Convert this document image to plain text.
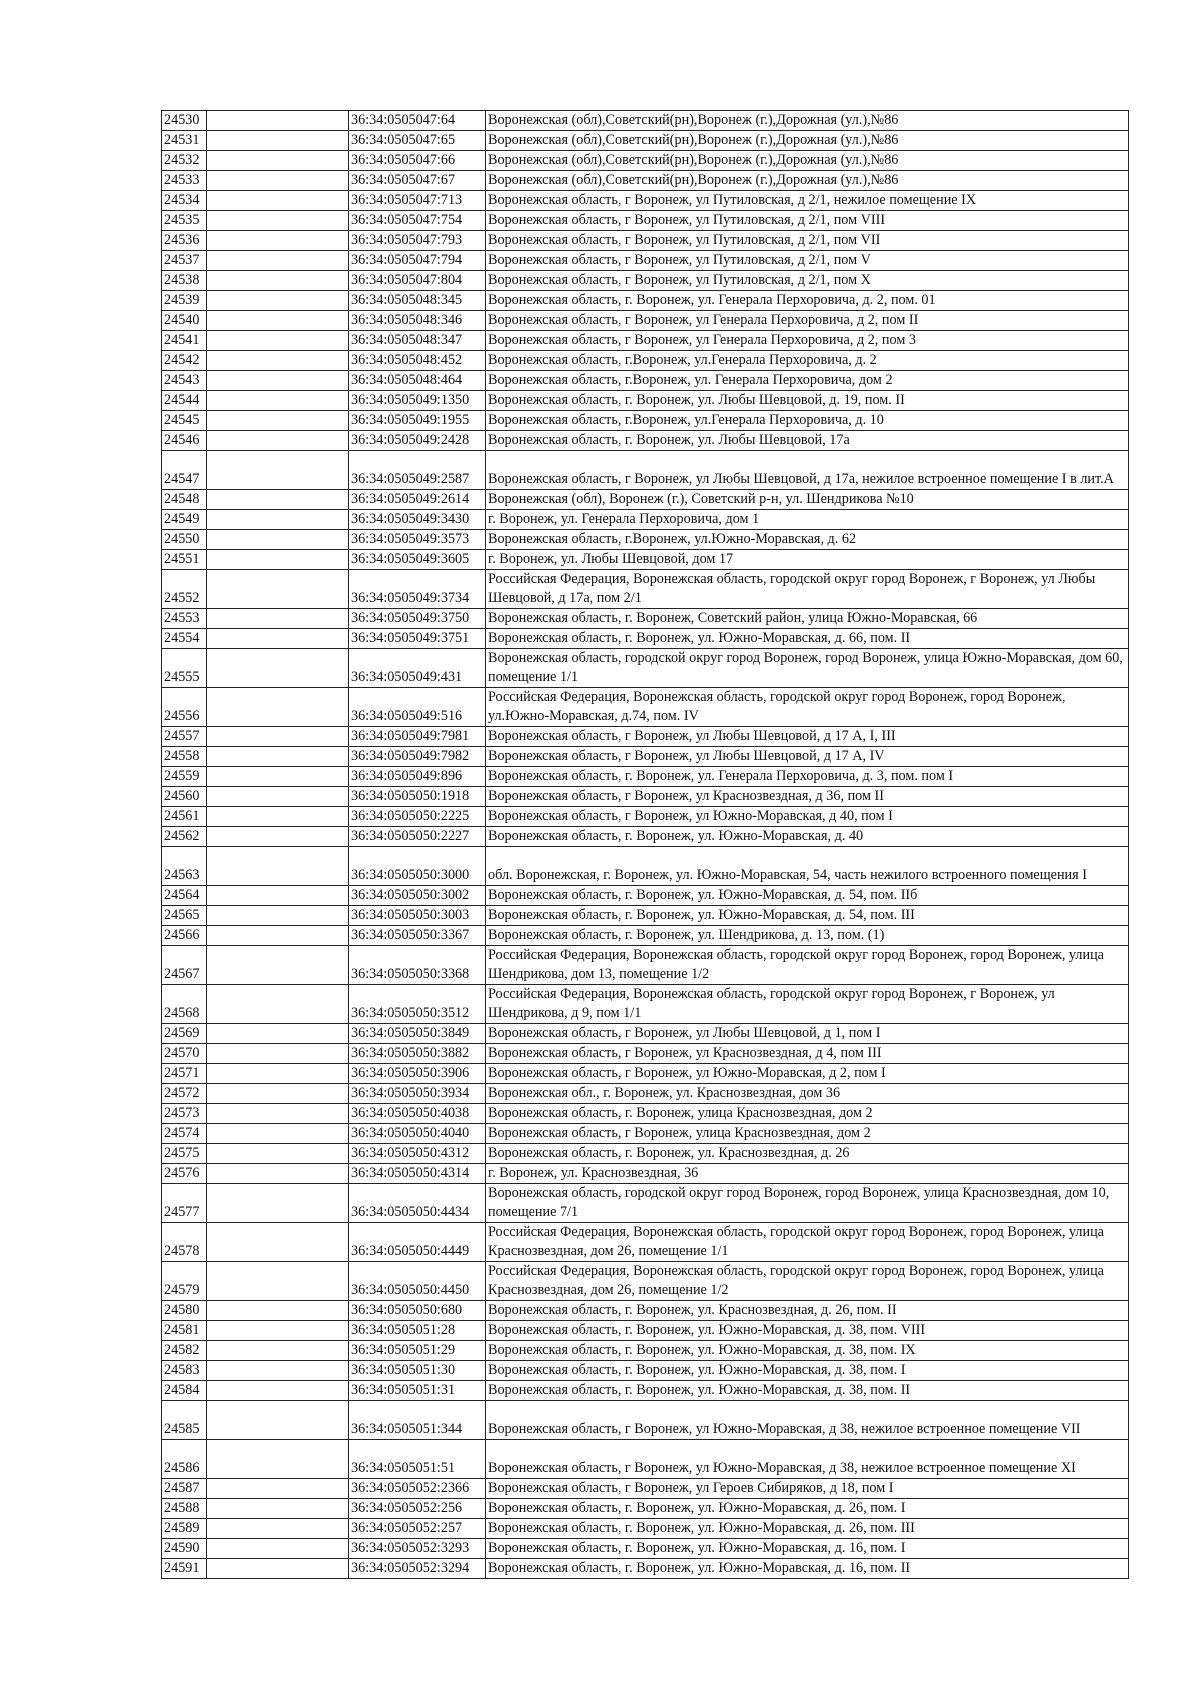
24530		36:34:0505047:64	Воронежская (обл),Советский(рн),Воронеж (г.),Дорожная (ул.),№86
24531		36:34:0505047:65	Воронежская (обл),Советский(рн),Воронеж (г.),Дорожная (ул.),№86
24532		36:34:0505047:66	Воронежская (обл),Советский(рн),Воронеж (г.),Дорожная (ул.),№86
24533		36:34:0505047:67	Воронежская (обл),Советский(рн),Воронеж (г.),Дорожная (ул.),№86
24534		36:34:0505047:713	Воронежская область, г Воронеж, ул Путиловская, д 2/1, нежилое помещение IX
24535		36:34:0505047:754	Воронежская область, г Воронеж, ул Путиловская, д 2/1, пом VIII
24536		36:34:0505047:793	Воронежская область, г Воронеж, ул Путиловская, д 2/1, пом VII
24537		36:34:0505047:794	Воронежская область, г Воронеж, ул Путиловская, д 2/1, пом V
24538		36:34:0505047:804	Воронежская область, г Воронеж, ул Путиловская, д 2/1, пом X
24539		36:34:0505048:345	Воронежская область, г. Воронеж, ул. Генерала Перхоровича, д. 2, пом. 01
24540		36:34:0505048:346	Воронежская область, г Воронеж, ул Генерала Перхоровича, д 2, пом II
24541		36:34:0505048:347	Воронежская область, г Воронеж, ул Генерала Перхоровича, д 2, пом 3
24542		36:34:0505048:452	Воронежская область, г.Воронеж, ул.Генерала Перхоровича, д. 2
24543		36:34:0505048:464	Воронежская область, г.Воронеж, ул. Генерала Перхоровича, дом 2
24544		36:34:0505049:1350	Воронежская область, г. Воронеж, ул. Любы Шевцовой, д. 19, пом. II
24545		36:34:0505049:1955	Воронежская область, г.Воронеж, ул.Генерала Перхоровича, д. 10
24546		36:34:0505049:2428	Воронежская область, г. Воронеж, ул. Любы Шевцовой, 17а
24547		36:34:0505049:2587	Воронежская область, г Воронеж, ул Любы Шевцовой, д 17а, нежилое встроенное помещение I в лит.А
24548		36:34:0505049:2614	Воронежская (обл), Воронеж (г.), Советский р-н, ул. Шендрикова №10
24549		36:34:0505049:3430	г. Воронеж, ул. Генерала Перхоровича, дом 1
24550		36:34:0505049:3573	Воронежская область, г.Воронеж, ул.Южно-Моравская, д. 62
24551		36:34:0505049:3605	г. Воронеж, ул. Любы Шевцовой, дом 17
24552		36:34:0505049:3734	Российская Федерация, Воронежская область, городской округ город Воронеж, г Воронеж, ул Любы Шевцовой, д 17а, пом 2/1
24553		36:34:0505049:3750	Воронежская область, г. Воронеж, Советский район, улица Южно-Моравская, 66
24554		36:34:0505049:3751	Воронежская область, г. Воронеж, ул. Южно-Моравская, д. 66, пом. II
24555		36:34:0505049:431	Воронежская область, городской округ город Воронеж, город Воронеж, улица Южно-Моравская, дом 60, помещение 1/1
24556		36:34:0505049:516	Российская Федерация, Воронежская область, городской округ город Воронеж, город Воронеж, ул.Южно-Моравская, д.74, пом. IV
24557		36:34:0505049:7981	Воронежская область, г Воронеж, ул Любы Шевцовой, д 17 А, I, III
24558		36:34:0505049:7982	Воронежская область, г Воронеж, ул Любы Шевцовой, д 17 А, IV
24559		36:34:0505049:896	Воронежская область, г. Воронеж, ул. Генерала Перхоровича, д. 3, пом. пом I
24560		36:34:0505050:1918	Воронежская область, г Воронеж, ул Краснозвездная, д 36, пом II
24561		36:34:0505050:2225	Воронежская область, г Воронеж, ул Южно-Моравская, д 40, пом I
24562		36:34:0505050:2227	Воронежская область, г. Воронеж, ул. Южно-Моравская, д. 40
24563		36:34:0505050:3000	обл. Воронежская, г. Воронеж, ул. Южно-Моравская, 54, часть нежилого встроенного помещения I
24564		36:34:0505050:3002	Воронежская область, г. Воронеж, ул. Южно-Моравская, д. 54, пом. IIб
24565		36:34:0505050:3003	Воронежская область, г. Воронеж, ул. Южно-Моравская, д. 54, пом. III
24566		36:34:0505050:3367	Воронежская область, г. Воронеж, ул. Шендрикова, д. 13, пом. (1)
24567		36:34:0505050:3368	Российская Федерация, Воронежская область, городской округ город Воронеж, город Воронеж, улица Шендрикова, дом 13, помещение 1/2
24568		36:34:0505050:3512	Российская Федерация, Воронежская область, городской округ город Воронеж, г Воронеж, ул Шендрикова, д 9, пом 1/1
24569		36:34:0505050:3849	Воронежская область, г Воронеж, ул Любы Шевцовой, д 1, пом I
24570		36:34:0505050:3882	Воронежская область, г Воронеж, ул Краснозвездная, д 4, пом III
24571		36:34:0505050:3906	Воронежская область, г Воронеж, ул Южно-Моравская, д 2, пом I
24572		36:34:0505050:3934	Воронежская обл., г. Воронеж, ул. Краснозвездная, дом 36
24573		36:34:0505050:4038	Воронежская область, г. Воронеж, улица Краснозвездная, дом 2
24574		36:34:0505050:4040	Воронежская область, г Воронеж, улица Краснозвездная, дом 2
24575		36:34:0505050:4312	Воронежская область, г. Воронеж, ул. Краснозвездная, д. 26
24576		36:34:0505050:4314	г. Воронеж, ул. Краснозвездная, 36
24577		36:34:0505050:4434	Воронежская область, городской округ город Воронеж, город Воронеж, улица Краснозвездная, дом 10, помещение 7/1
24578		36:34:0505050:4449	Российская Федерация, Воронежская область, городской округ город Воронеж, город Воронеж, улица Краснозвездная, дом 26, помещение 1/1
24579		36:34:0505050:4450	Российская Федерация, Воронежская область, городской округ город Воронеж, город Воронеж, улица Краснозвездная, дом 26, помещение 1/2
24580		36:34:0505050:680	Воронежская область, г. Воронеж, ул. Краснозвездная, д. 26, пом. II
24581		36:34:0505051:28	Воронежская область, г. Воронеж, ул. Южно-Моравская, д. 38, пом. VIII
24582		36:34:0505051:29	Воронежская область, г. Воронеж, ул. Южно-Моравская, д. 38, пом. IX
24583		36:34:0505051:30	Воронежская область, г. Воронеж, ул. Южно-Моравская, д. 38, пом. I
24584		36:34:0505051:31	Воронежская область, г. Воронеж, ул. Южно-Моравская, д. 38, пом. II
24585		36:34:0505051:344	Воронежская область, г Воронеж, ул Южно-Моравская, д 38, нежилое встроенное помещение VII
24586		36:34:0505051:51	Воронежская область, г Воронеж, ул Южно-Моравская, д 38, нежилое встроенное помещение XI
24587		36:34:0505052:2366	Воронежская область, г Воронеж, ул Героев Сибиряков, д 18, пом I
24588		36:34:0505052:256	Воронежская область, г. Воронеж, ул. Южно-Моравская, д. 26, пом. I
24589		36:34:0505052:257	Воронежская область, г. Воронеж, ул. Южно-Моравская, д. 26, пом. III
24590		36:34:0505052:3293	Воронежская область, г. Воронеж, ул. Южно-Моравская, д. 16, пом. I
24591		36:34:0505052:3294	Воронежская область, г. Воронеж, ул. Южно-Моравская, д. 16, пом. II
